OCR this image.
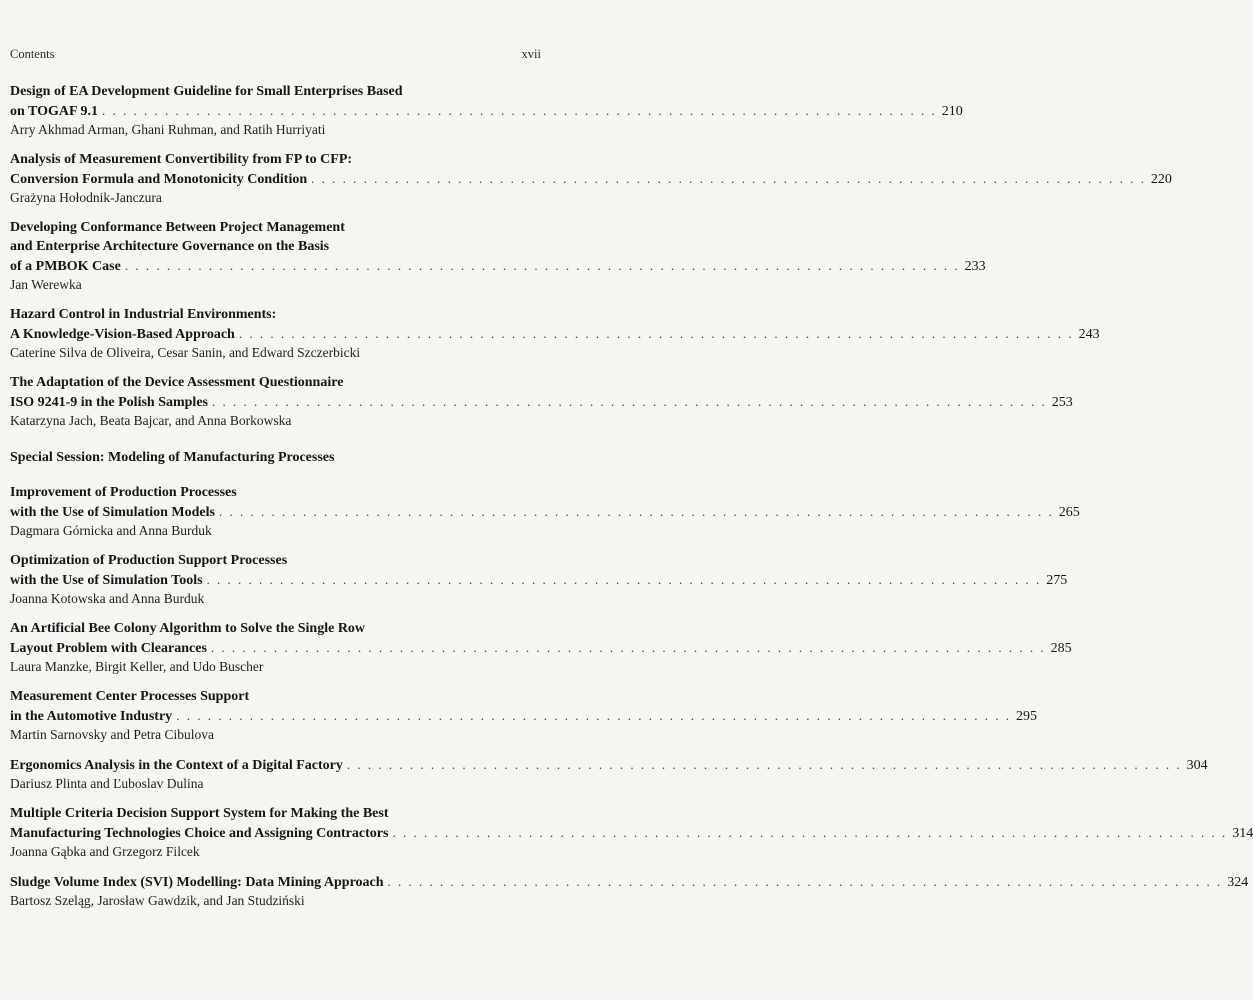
Contents	xvii
Design of EA Development Guideline for Small Enterprises Based
on TOGAF 9.1 . . . . . . . . . . . . . . . . . . . . . . . . . . . . . . . . . . . . . . . . . . . . . . . . . . . . . . . . . . . . . . . . . . . . . . . . . . . . . . . . 210
Arry Akhmad Arman, Ghani Ruhman, and Ratih Hurriyati
Analysis of Measurement Convertibility from FP to CFP:
Conversion Formula and Monotonicity Condition . . . . . . . . . . . . . . . . . . . . . . . . . . . . . . . . . . . . . . . . . . . . . . . . . . . . . . . . . . . . . . . . . . . . . . . . . . . . . . . . 220
Grażyna Hołodnik-Janczura
Developing Conformance Between Project Management
and Enterprise Architecture Governance on the Basis
of a PMBOK Case . . . . . . . . . . . . . . . . . . . . . . . . . . . . . . . . . . . . . . . . . . . . . . . . . . . . . . . . . . . . . . . . . . . . . . . . . . . . . . . . 233
Jan Werewka
Hazard Control in Industrial Environments:
A Knowledge-Vision-Based Approach . . . . . . . . . . . . . . . . . . . . . . . . . . . . . . . . . . . . . . . . . . . . . . . . . . . . . . . . . . . . . . . . . . . . . . . . . . . . . . . . 243
Caterine Silva de Oliveira, Cesar Sanin, and Edward Szczerbicki
The Adaptation of the Device Assessment Questionnaire
ISO 9241-9 in the Polish Samples . . . . . . . . . . . . . . . . . . . . . . . . . . . . . . . . . . . . . . . . . . . . . . . . . . . . . . . . . . . . . . . . . . . . . . . . . . . . . . . . 253
Katarzyna Jach, Beata Bajcar, and Anna Borkowska
Special Session: Modeling of Manufacturing Processes
Improvement of Production Processes
with the Use of Simulation Models . . . . . . . . . . . . . . . . . . . . . . . . . . . . . . . . . . . . . . . . . . . . . . . . . . . . . . . . . . . . . . . . . . . . . . . . . . . . . . . . 265
Dagmara Górnicka and Anna Burduk
Optimization of Production Support Processes
with the Use of Simulation Tools . . . . . . . . . . . . . . . . . . . . . . . . . . . . . . . . . . . . . . . . . . . . . . . . . . . . . . . . . . . . . . . . . . . . . . . . . . . . . . . . 275
Joanna Kotowska and Anna Burduk
An Artificial Bee Colony Algorithm to Solve the Single Row
Layout Problem with Clearances . . . . . . . . . . . . . . . . . . . . . . . . . . . . . . . . . . . . . . . . . . . . . . . . . . . . . . . . . . . . . . . . . . . . . . . . . . . . . . . . 285
Laura Manzke, Birgit Keller, and Udo Buscher
Measurement Center Processes Support
in the Automotive Industry . . . . . . . . . . . . . . . . . . . . . . . . . . . . . . . . . . . . . . . . . . . . . . . . . . . . . . . . . . . . . . . . . . . . . . . . . . . . . . . . 295
Martin Sarnovsky and Petra Cibulova
Ergonomics Analysis in the Context of a Digital Factory . . . . . . . . . . . . . . . . . . . . . . . . . . . . . . . . . . . . . . . . . . . . . . . . . . . . . . . . . . . . . . . . . . . . . . . . . . . . . . . . 304
Dariusz Plinta and Ľuboslav Dulina
Multiple Criteria Decision Support System for Making the Best
Manufacturing Technologies Choice and Assigning Contractors . . . . . . . . . . . . . . . . . . . . . . . . . . . . . . . . . . . . . . . . . . . . . . . . . . . . . . . . . . . . . . . . . . . . . . . . . . . . . . . . 314
Joanna Gąbka and Grzegorz Filcek
Sludge Volume Index (SVI) Modelling: Data Mining Approach . . . . . . . . . . . . . . . . . . . . . . . . . . . . . . . . . . . . . . . . . . . . . . . . . . . . . . . . . . . . . . . . . . . . . . . . . . . . . . . . 324
Bartosz Szeląg, Jarosław Gawdzik, and Jan Studziński
